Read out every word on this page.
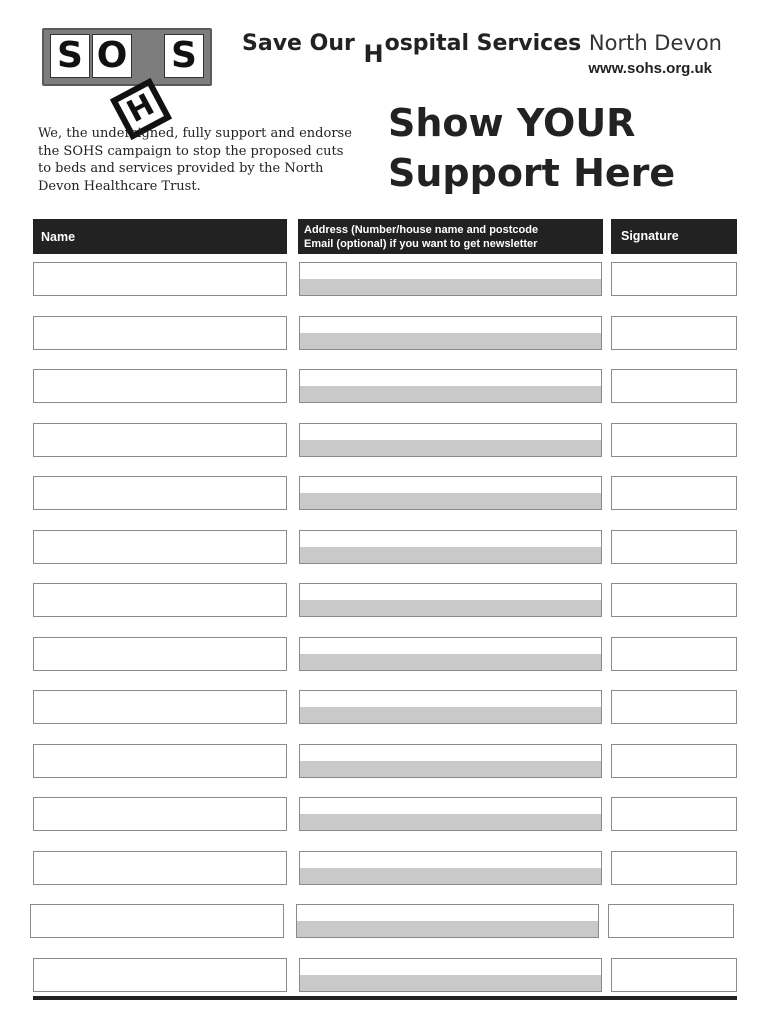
S O S
H
Save Our Hospital Services North Devon
www.sohs.org.uk
We, the undersigned, fully support and endorse the SOHS campaign to stop the proposed cuts to beds and services provided by the North Devon Healthcare Trust.
Show YOUR
Support Here
Name	Address (Number/house name and postcode
Email (optional) if you want to get newsletter
Signature
